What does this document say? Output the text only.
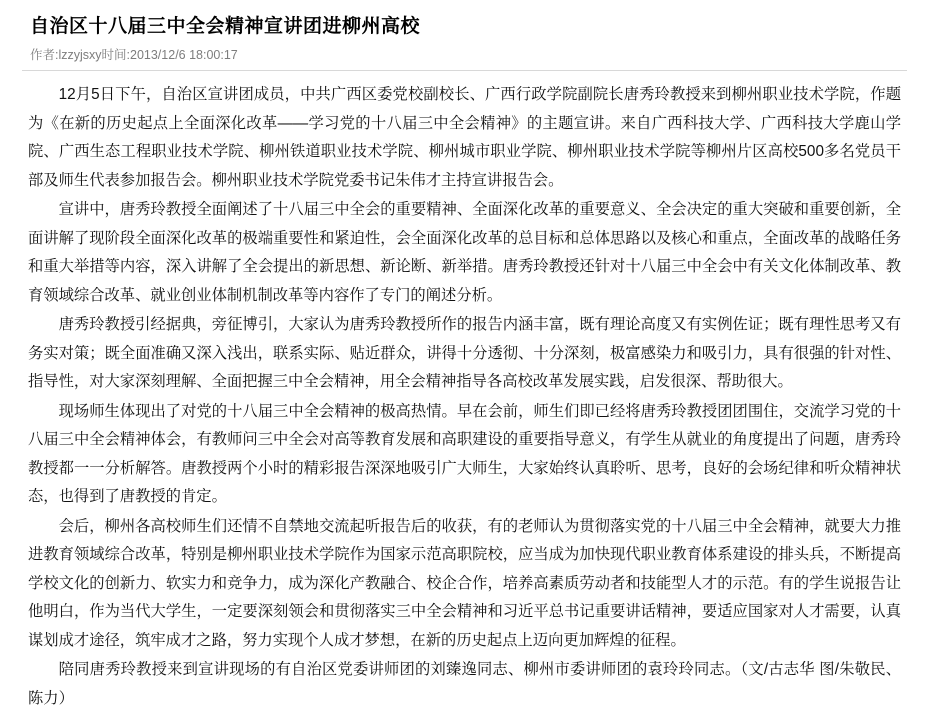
自治区十八届三中全会精神宣讲团进柳州高校
作者:lzzyjsxy时间:2013/12/6 18:00:17

12月5日下午，自治区宣讲团成员，中共广西区委党校副校长、广西行政学院副院长唐秀玲教授来到柳州职业技术学院，作题为《在新的历史起点上全面深化改革——学习党的十八届三中全会精神》的主题宣讲。来自广西科技大学、广西科技大学鹿山学院、广西生态工程职业技术学院、柳州铁道职业技术学院、柳州城市职业学院、柳州职业技术学院等柳州片区高校500多名党员干部及师生代表参加报告会。柳州职业技术学院党委书记朱伟才主持宣讲报告会。

宣讲中，唐秀玲教授全面阐述了十八届三中全会的重要精神、全面深化改革的重要意义、全会决定的重大突破和重要创新，全面讲解了现阶段全面深化改革的极端重要性和紧迫性，会全面深化改革的总目标和总体思路以及核心和重点，全面改革的战略任务和重大举措等内容，深入讲解了全会提出的新思想、新论断、新举措。唐秀玲教授还针对十八届三中全会中有关文化体制改革、教育领域综合改革、就业创业体制机制改革等内容作了专门的阐述分析。

唐秀玲教授引经据典，旁征博引，大家认为唐秀玲教授所作的报告内涵丰富，既有理论高度又有实例佐证；既有理性思考又有务实对策；既全面准确又深入浅出，联系实际、贴近群众，讲得十分透彻、十分深刻，极富感染力和吸引力，具有很强的针对性、指导性，对大家深刻理解、全面把握三中全会精神，用全会精神指导各高校改革发展实践，启发很深、帮助很大。

现场师生体现出了对党的十八届三中全会精神的极高热情。早在会前，师生们即已经将唐秀玲教授团团围住，交流学习党的十八届三中全会精神体会，有教师问三中全会对高等教育发展和高职建设的重要指导意义，有学生从就业的角度提出了问题，唐秀玲教授都一一分析解答。唐教授两个小时的精彩报告深深地吸引广大师生，大家始终认真聆听、思考，良好的会场纪律和听众精神状态，也得到了唐教授的肯定。

会后，柳州各高校师生们还情不自禁地交流起听报告后的收获，有的老师认为贯彻落实党的十八届三中全会精神，就要大力推进教育领域综合改革，特别是柳州职业技术学院作为国家示范高职院校，应当成为加快现代职业教育体系建设的排头兵，不断提高学校文化的创新力、软实力和竞争力，成为深化产教融合、校企合作，培养高素质劳动者和技能型人才的示范。有的学生说报告让他明白，作为当代大学生，一定要深刻领会和贯彻落实三中全会精神和习近平总书记重要讲话精神，要适应国家对人才需要，认真谋划成才途径，筑牢成才之路，努力实现个人成才梦想，在新的历史起点上迈向更加辉煌的征程。

陪同唐秀玲教授来到宣讲现场的有自治区党委讲师团的刘臻逸同志、柳州市委讲师团的袁玲玲同志。（文/古志华 图/朱敬民、陈力）
